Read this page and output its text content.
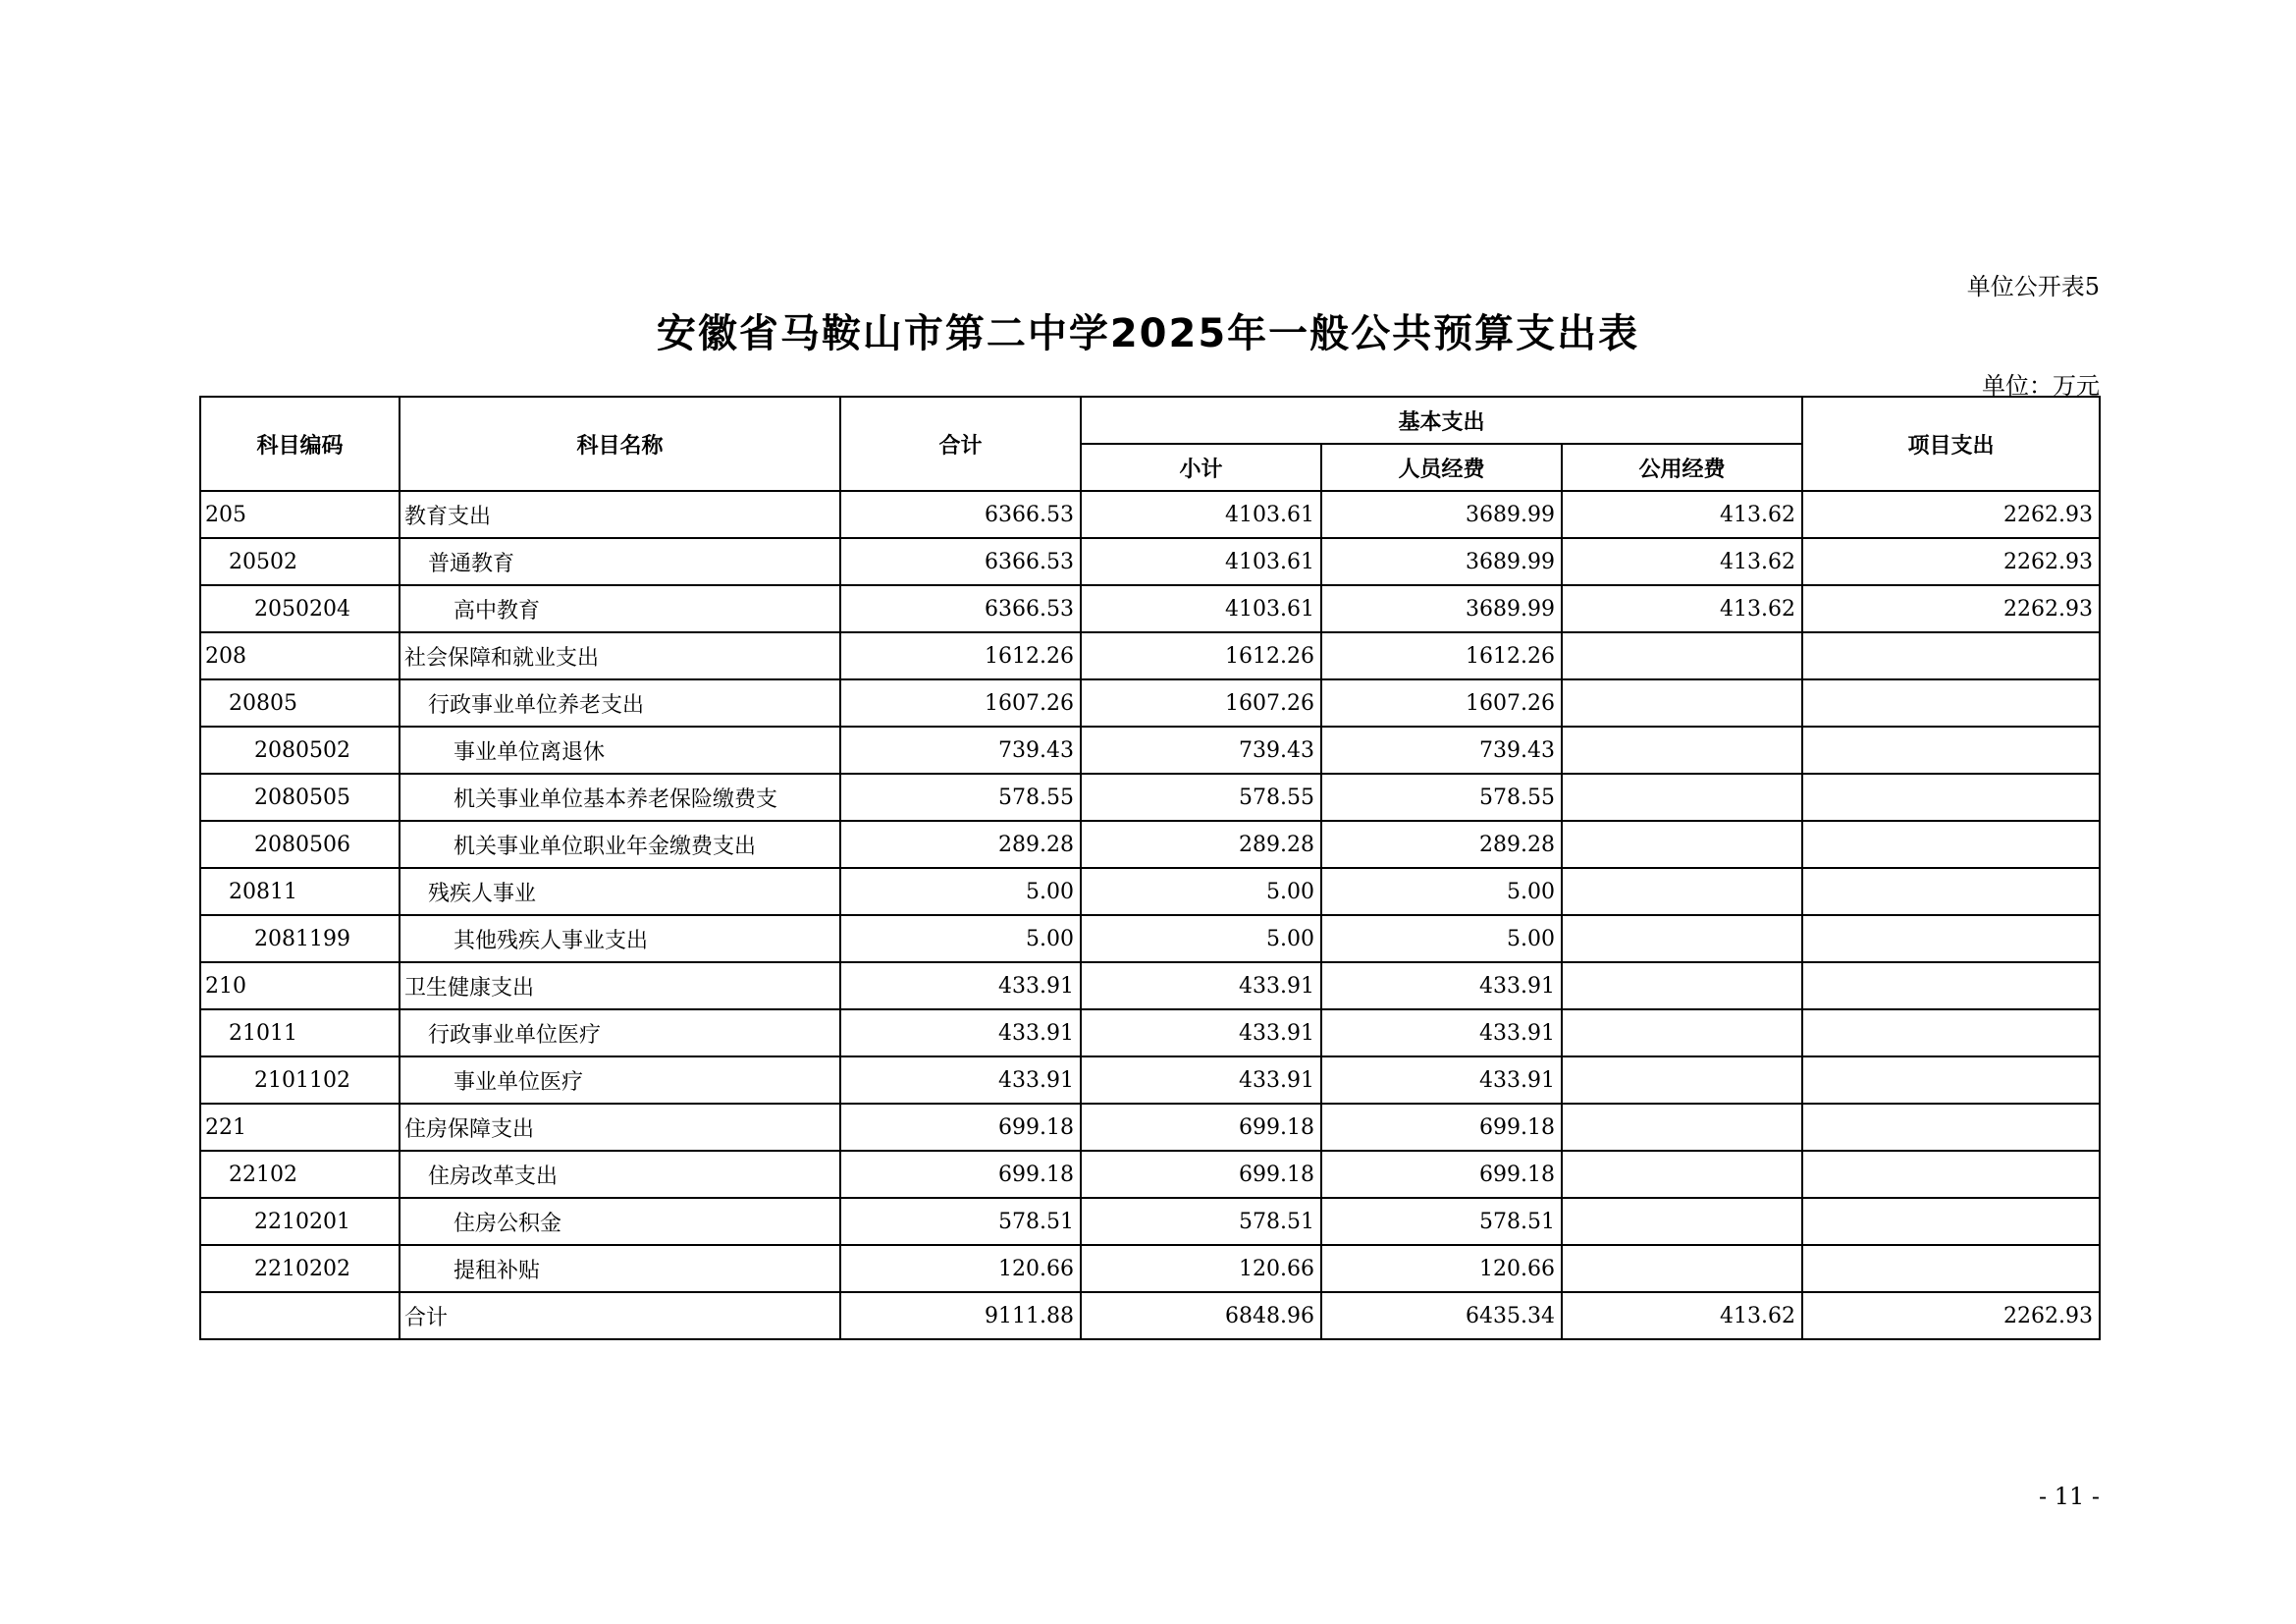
单位公开表5
安徽省马鞍山市第二中学2025年一般公共预算支出表
单位：万元
科目编码	科目名称	合计	基本支出			项目支出
			小计	人员经费	公用经费	
205	教育支出	6366.53	4103.61	3689.99	413.62	2262.93
20502	普通教育	6366.53	4103.61	3689.99	413.62	2262.93
2050204	高中教育	6366.53	4103.61	3689.99	413.62	2262.93
208	社会保障和就业支出	1612.26	1612.26	1612.26		
20805	行政事业单位养老支出	1607.26	1607.26	1607.26		
2080502	事业单位离退休	739.43	739.43	739.43		
2080505	机关事业单位基本养老保险缴费支	578.55	578.55	578.55		
2080506	机关事业单位职业年金缴费支出	289.28	289.28	289.28		
20811	残疾人事业	5.00	5.00	5.00		
2081199	其他残疾人事业支出	5.00	5.00	5.00		
210	卫生健康支出	433.91	433.91	433.91		
21011	行政事业单位医疗	433.91	433.91	433.91		
2101102	事业单位医疗	433.91	433.91	433.91		
221	住房保障支出	699.18	699.18	699.18		
22102	住房改革支出	699.18	699.18	699.18		
2210201	住房公积金	578.51	578.51	578.51		
2210202	提租补贴	120.66	120.66	120.66		
	合计	9111.88	6848.96	6435.34	413.62	2262.93
- 11 -
